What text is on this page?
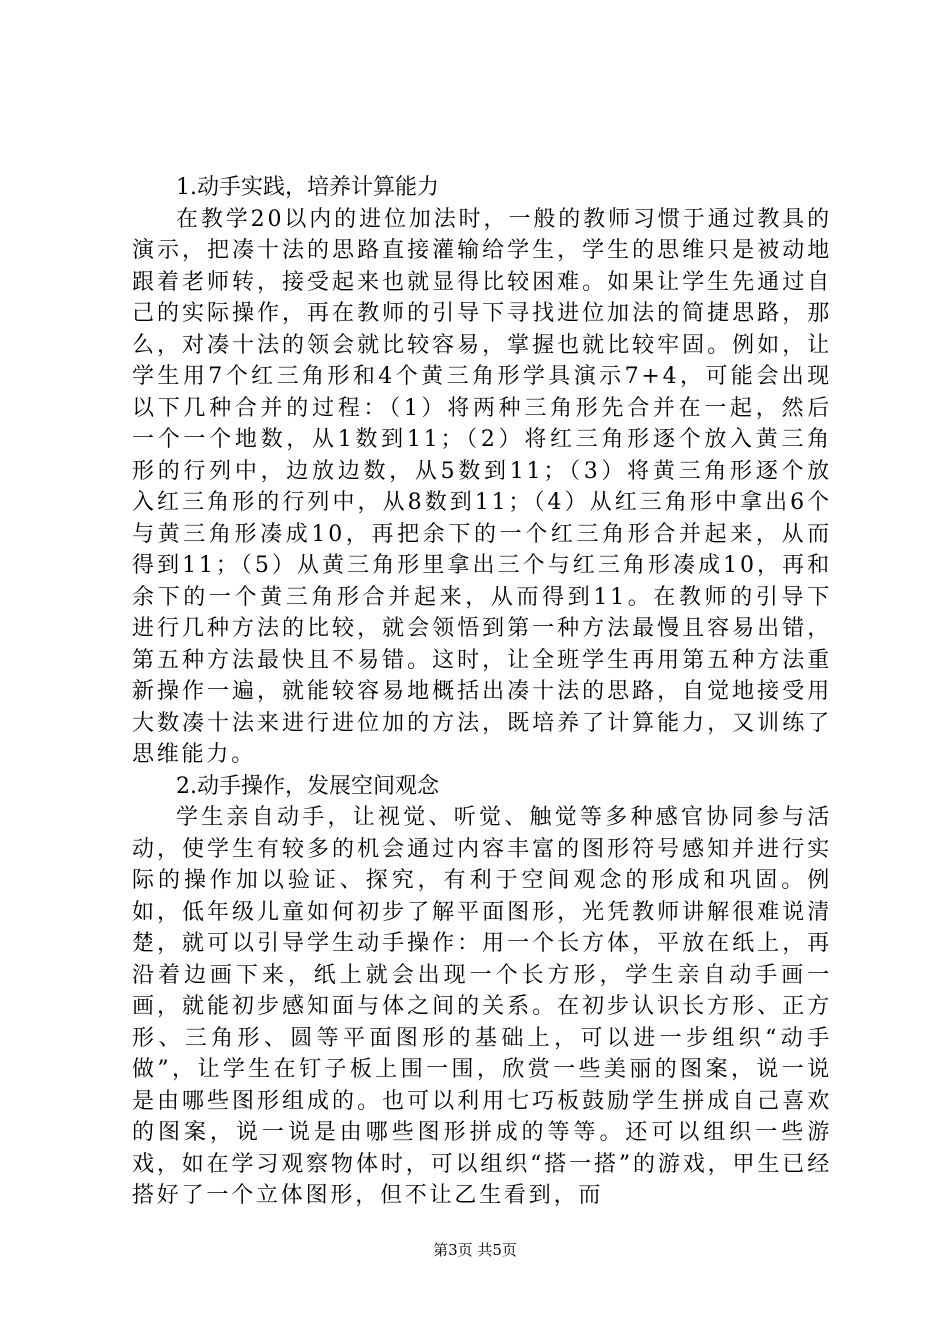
1.动手实践，培养计算能力

在教学20以内的进位加法时，一般的教师习惯于通过教具的演示，把凑十法的思路直接灌输给学生，学生的思维只是被动地跟着老师转，接受起来也就显得比较困难。如果让学生先通过自己的实际操作，再在教师的引导下寻找进位加法的简捷思路，那么，对凑十法的领会就比较容易，掌握也就比较牢固。例如，让学生用7个红三角形和4个黄三角形学具演示7+4，可能会出现以下几种合并的过程：（1）将两种三角形先合并在一起，然后一个一个地数，从1数到11；（2）将红三角形逐个放入黄三角形的行列中，边放边数，从5数到11；（3）将黄三角形逐个放入红三角形的行列中，从8数到11；（4）从红三角形中拿出6个与黄三角形凑成10，再把余下的一个红三角形合并起来，从而得到11；（5）从黄三角形里拿出三个与红三角形凑成10，再和余下的一个黄三角形合并起来，从而得到11。在教师的引导下进行几种方法的比较，就会领悟到第一种方法最慢且容易出错，第五种方法最快且不易错。这时，让全班学生再用第五种方法重新操作一遍，就能较容易地概括出凑十法的思路，自觉地接受用大数凑十法来进行进位加的方法，既培养了计算能力，又训练了思维能力。

2.动手操作，发展空间观念

学生亲自动手，让视觉、听觉、触觉等多种感官协同参与活动，使学生有较多的机会通过内容丰富的图形符号感知并进行实际的操作加以验证、探究，有利于空间观念的形成和巩固。例如，低年级儿童如何初步了解平面图形，光凭教师讲解很难说清楚，就可以引导学生动手操作：用一个长方体，平放在纸上，再沿着边画下来，纸上就会出现一个长方形，学生亲自动手画一画，就能初步感知面与体之间的关系。在初步认识长方形、正方形、三角形、圆等平面图形的基础上，可以进一步组织“动手做”，让学生在钉子板上围一围，欣赏一些美丽的图案，说一说是由哪些图形组成的。也可以利用七巧板鼓励学生拼成自己喜欢的图案，说一说是由哪些图形拼成的等等。还可以组织一些游戏，如在学习观察物体时，可以组织“搭一搭”的游戏，甲生已经搭好了一个立体图形，但不让乙生看到，而

第3页 共5页
